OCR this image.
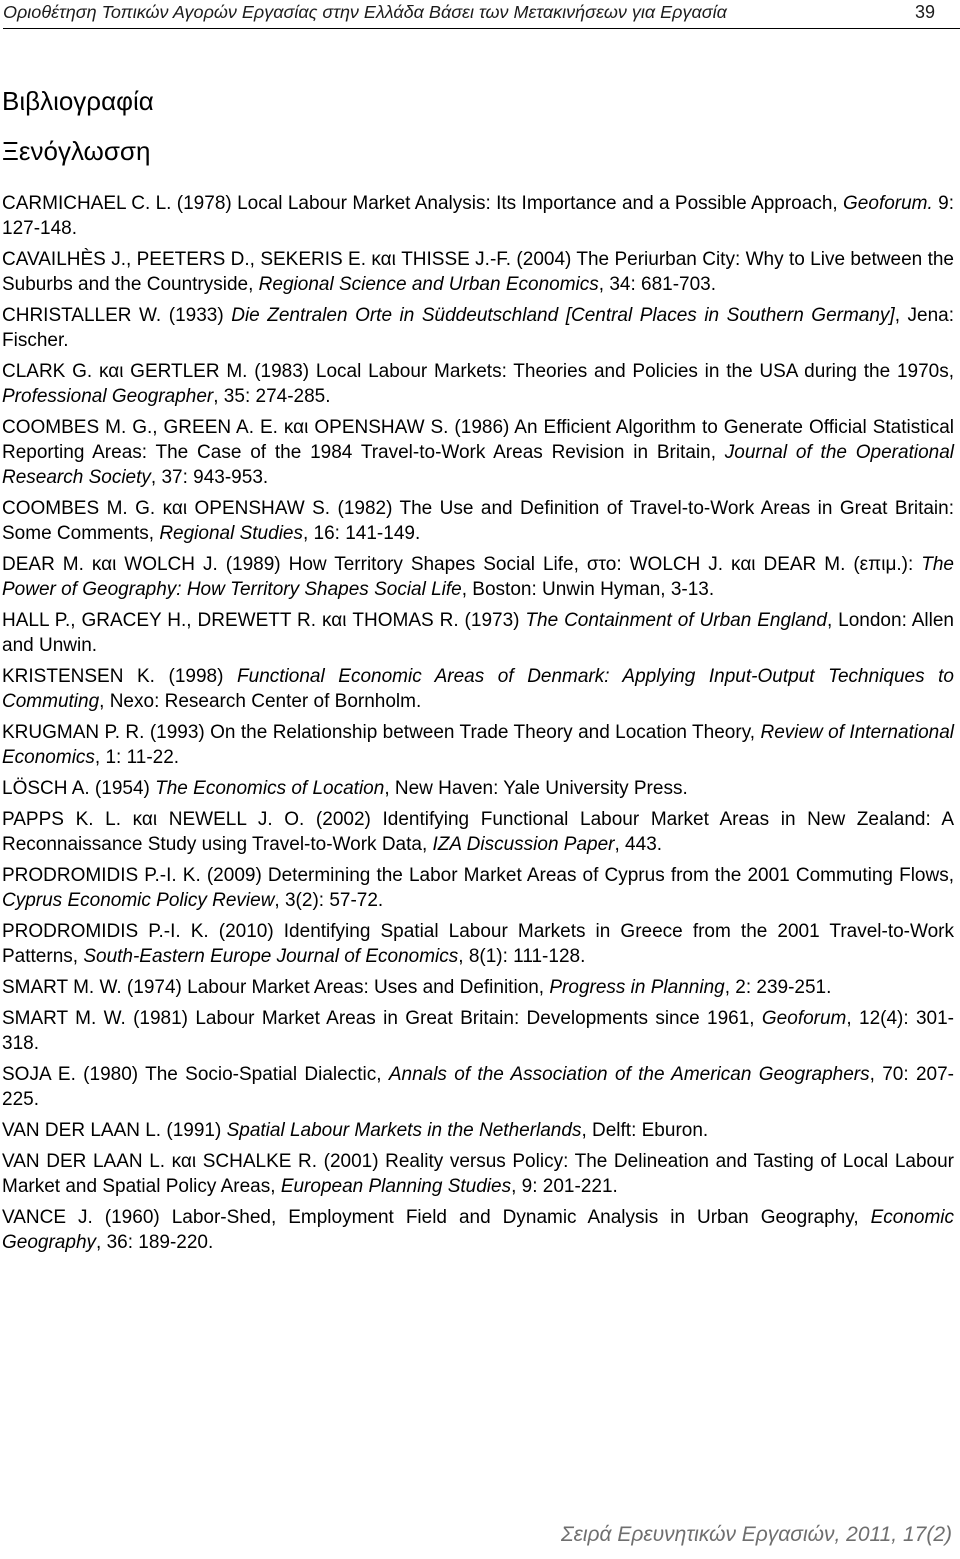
Οριοθέτηση Τοπικών Αγορών Εργασίας στην Ελλάδα Βάσει των Μετακινήσεων για Εργασία	39
Βιβλιογραφία
Ξενόγλωσση

CARMICHAEL C. L. (1978) Local Labour Market Analysis: Its Importance and a Possible Approach, Geoforum. 9: 127-148.

CAVAILHÈS J., PEETERS D., SEKERIS E. και THISSE J.-F. (2004) The Periurban City: Why to Live between the Suburbs and the Countryside, Regional Science and Urban Economics, 34: 681-703.

CHRISTALLER W. (1933) Die Zentralen Orte in Süddeutschland [Central Places in Southern Germany], Jena: Fischer.

CLARK G. και GERTLER M. (1983) Local Labour Markets: Theories and Policies in the USA during the 1970s, Professional Geographer, 35: 274-285.

COOMBES M. G., GREEN A. E. και OPENSHAW S. (1986) An Efficient Algorithm to Generate Official Statistical Reporting Areas: The Case of the 1984 Travel-to-Work Areas Revision in Britain, Journal of the Operational Research Society, 37: 943-953.

COOMBES M. G. και OPENSHAW S. (1982) The Use and Definition of Travel-to-Work Areas in Great Britain: Some Comments, Regional Studies, 16: 141-149.

DEAR M. και WOLCH J. (1989) How Territory Shapes Social Life, στο: WOLCH J. και DEAR M. (επιμ.): The Power of Geography: How Territory Shapes Social Life, Boston: Unwin Hyman, 3-13.

HALL P., GRACEY H., DREWETT R. και THOMAS R. (1973) The Containment of Urban England, London: Allen and Unwin.

KRISTENSEN K. (1998) Functional Economic Areas of Denmark: Applying Input-Output Techniques to Commuting, Nexo: Research Center of Bornholm.

KRUGMAN P. R. (1993) On the Relationship between Trade Theory and Location Theory, Review of International Economics, 1: 11-22.

LÖSCH A. (1954) The Economics of Location, New Haven: Yale University Press.

PAPPS K. L. και NEWELL J. O. (2002) Identifying Functional Labour Market Areas in New Zealand: A Reconnaissance Study using Travel-to-Work Data, IZA Discussion Paper, 443.

PRODROMIDIS P.-I. K. (2009) Determining the Labor Market Areas of Cyprus from the 2001 Commuting Flows, Cyprus Economic Policy Review, 3(2): 57-72.

PRODROMIDIS P.-I. K. (2010) Identifying Spatial Labour Markets in Greece from the 2001 Travel-to-Work Patterns, South-Eastern Europe Journal of Economics, 8(1): 111-128.

SMART M. W. (1974) Labour Market Areas: Uses and Definition, Progress in Planning, 2: 239-251.

SMART M. W. (1981) Labour Market Areas in Great Britain: Developments since 1961, Geoforum, 12(4): 301-318.

SOJA E. (1980) The Socio-Spatial Dialectic, Annals of the Association of the American Geographers, 70: 207-225.

VAN DER LAAN L. (1991) Spatial Labour Markets in the Netherlands, Delft: Eburon.

VAN DER LAAN L. και SCHALKE R. (2001) Reality versus Policy: The Delineation and Tasting of Local Labour Market and Spatial Policy Areas, European Planning Studies, 9: 201-221.

VANCE J. (1960) Labor-Shed, Employment Field and Dynamic Analysis in Urban Geography, Economic Geography, 36: 189-220.

Σειρά Ερευνητικών Εργασιών, 2011, 17(2)
